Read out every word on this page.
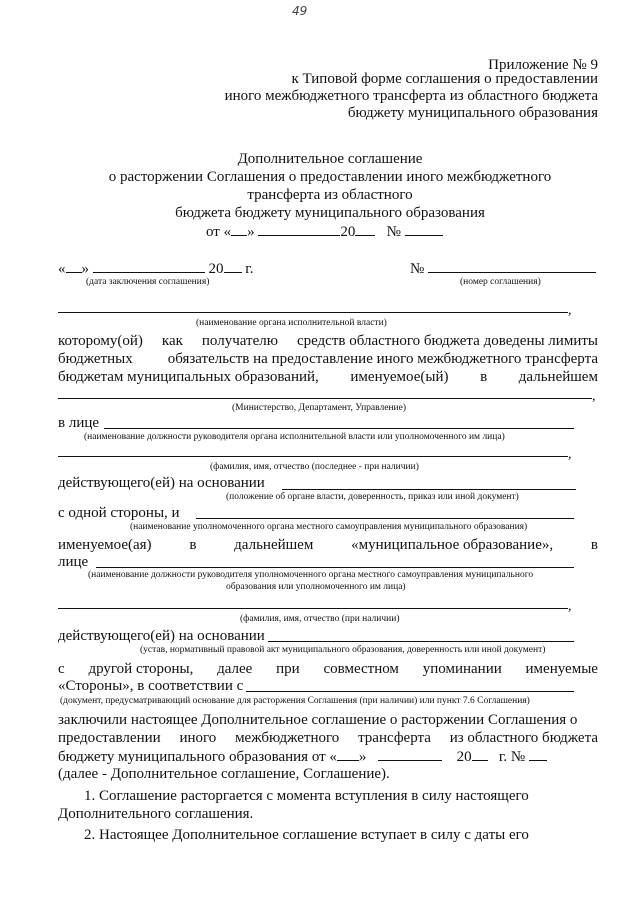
49
Приложение № 9
к Типовой форме соглашения о предоставлении
иного межбюджетного трансферта из областного бюджета
бюджету муниципального образования
Дополнительное соглашение
о расторжении Соглашения о предоставлении иного межбюджетного
трансферта из областного
бюджета бюджету муниципального образования
от « »	20 №
« »	20 г.	№
(дата заключения соглашения)	(номер соглашения)
,
(наименование органа исполнительной власти)
которому(ой) как получателю средств областного бюджета доведены лимиты
бюджетных обязательств на предоставление иного межбюджетного трансферта
бюджетам муниципальных образований, именуемое(ый) в дальнейшем
,
(Министерство, Департамент, Управление)
в лице
(наименование должности руководителя органа исполнительной власти или уполномоченного им лица)
,
(фамилия, имя, отчество (последнее - при наличии)
действующего(ей) на основании
(положение об органе власти, доверенность, приказ или иной документ)
с одной стороны, и
(наименование уполномоченного органа местного самоуправления муниципального образования)
именуемое(ая)	в	дальнейшем	«муниципальное образование»,	в
лице
(наименование должности руководителя уполномоченного органа местного самоуправления муниципального
образования или уполномоченного им лица)
,
(фамилия, имя, отчество (при наличии)
действующего(ей) на основании
(устав, нормативный правовой акт муниципального образования, доверенность или иной документ)
с другой стороны, далее при совместном упоминании именуемые
«Стороны», в соответствии с
(документ, предусматривающий основание для расторжения Соглашения (при наличии) или пункт 7.6 Соглашения)
заключили настоящее Дополнительное соглашение о расторжении Соглашения о
предоставлении иного межбюджетного трансферта из областного бюджета
бюджету муниципального образования от « »	20 г. №
(далее - Дополнительное соглашение, Соглашение).
1. Соглашение расторгается с момента вступления в силу настоящего
Дополнительного соглашения.
2. Настоящее Дополнительное соглашение вступает в силу с даты его
